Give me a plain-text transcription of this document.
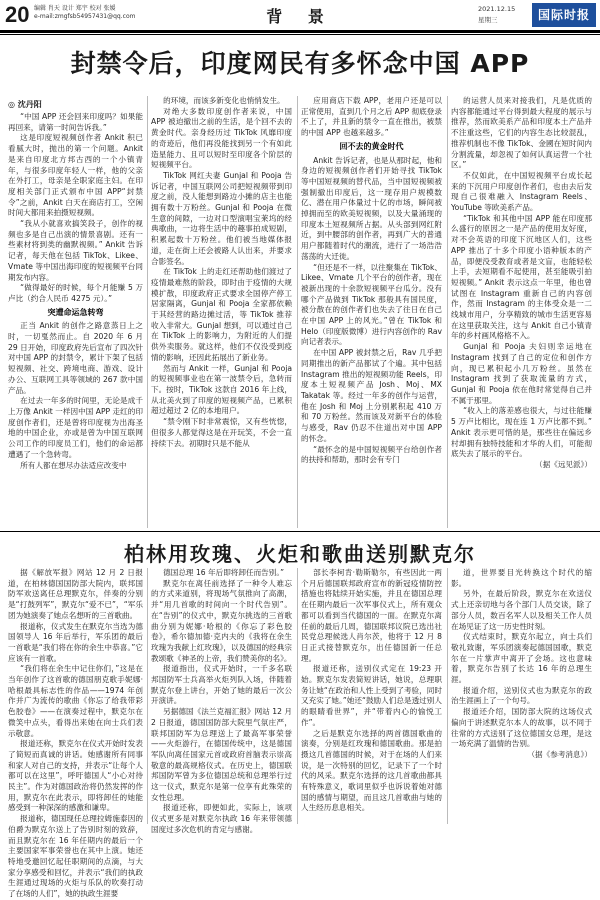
20 编辑 肖天 设计 郑宇 校对 张媛
e-mail:zmgfsb54957431@qq.com	背 景	2021.12.15
星期三	国际时报
封禁令后，印度网民有多怀念中国 APP
◎ 沈丹阳

“中国 APP 还会回来印度吗？如果能再回来，请第一时间告诉我。”

这是印度短视频创作者 Ankit 积已看腻大时，抛出的第一个问题。Ankit 是来自印度北方邦古西的一个小镇青年，与很多印度年轻人一样，他的父亲在外打工，母亲是全职家庭主妇。在印度相关部门正式颁布中国 APP“封禁令”之前，Ankit 白天在商店打工，空闲时间大都用来拍摄短视频。

“我从小就喜欢搞笑段子，创作的视频也多是自己出演的情景喜剧。还有一些素材将到类的幽默视频。” Ankit 告诉记者，每天他在包括 TikTok、Likee、Vmate 等中国出海印度的短视频平台同期发布内容。

“做得最好的时候，每个月能赚 5 万卢比（约合人民币 4275 元）。”

突遭命运急转弯

正当 Ankit 的创作之路意蒸日上之时，一切戛然而止。自 2020 年 6 月 29 日开始，印度政府先后宣布了四次针对中国 APP 的封禁令，累计下架了包括短视频、社交、跨境电商、游戏、设计办公、互联网工具等领域的 267 款中国产品。

在过去一年多的时间里，无论是成千上万像 Ankit 一样因中国 APP 走红的印度创作者们，还是曾将印度视为出海圣地的中国企业，亦或是曾为中国互联网公司工作的印度员工们，他们的命运都遭遇了一个急转弯。

所有人都在想尽办法适应改变中

的环境，而该多新变化也悄悄发生。

对绝大多数印度创作者来说，中国 APP 被迫撤出之前的生活，是个回不去的黄金时代。亲身经历过 TikTok 风靡印度的奇迹后，他们再没能找到另一个有如此造星能力、且可以短时至印度各个阶层的短视频平台。

TikTok 网红夫妻 Gunjal 和 Pooja 告诉记者，中国互联网公司把短视频带到印度之前，没人能想到路边小摊的店主也能拥有数十万粉丝。Gunjal 和 Pooja 在微生意的间隙，一边对口型演唱宝莱坞的经典歌曲，一边将生活中的趣事拍成短剧，积累起数十万粉丝。他们被当地媒体报道，走在街上还会被路人认出来，并要求合影签名。

在 TikTok 上的走红还帮助他们渡过了疫情最难熬的阶段，即时由于疫情的大规模扩散，印度政府正式要求全国停产停工居家隔离，Gunjal 和 Pooja 全家都依赖于其经营的路边摊过活，等 TikTok 推荐收入非常大。Gunjal 想到，可以通过自己在 TikTok 上的影响力，为附近的人们提供外卖服务。就这样，他们不仅没受到疫情的影响，还因此拓展出了新业务。

然而与 Ankit 一样，Gunjal 和 Pooja 的短视频事业也在第一波禁令后，急转而下。按时，TikTok 这款自 2016 年上线，从北美火到了印度的短视频产品，已累积超过超过 2 亿的本地用户。

“禁令刚下时非常震惊，又有些恍惚，但很多人都觉得这是在开玩笑，不会一直持续下去。初期时只是不能从

应用商店下载 APP，老用户还是可以正常使用，直到几个月之后 APP 彻底登录不上了，并且新的禁令一直在推出，被禁的中国 APP 也越来越多。”

回不去的黄金时代

Ankit 告诉记者，也是从那时起，他和身边的短视频创作者们开始寻找 TikTok 等中国短视频的替代品，当中国短视频被强制撤出印度后，这一现存用户规模数亿、潜在用户体量过十亿的市场，瞬间被掉拥而至的欧美短视频，以及大量涌现的印度本土短视频所占据。从头部到网红附近，到中腰部的创作者，再到广大的普通用户都随着时代的潮流，进行了一场浩浩荡荡的大迁徙。

“但还是不一样，以往聚集在 TikTok、Likee、Vmate 几个平台的创作者，现在被新出现的十余款短视频平台瓜分。没有哪个产品做到 TikTok 那般具有国民度，被分散在的创作者们也失去了往日在自己在中国 APP 上的风光。”曾在 TikTok 和 Helo（印度版微博）进行内容创作的 Rav 向记者表示。

在中国 APP 被封禁之后，Rav 几乎把同期推出的新产品都试了个遍。其中包括 Instagram 推出的短视频功能 Reels，印度本土短视频产品 Josh、Moj、MX Takatak 等。经过一年多的创作与运营，他在 Josh 和 Moj 上分别累积起 410 万和 70 万粉丝。然而该及对新平台的体验与感受，Rav 仍忍不住道出对中国 APP 的怀念。

“最怀念的是中国短视频平台给创作者的扶持和帮助，那时会有专门

的运营人员来对接我们，凡是优质的内容都能通过平台得到最大程度的展示与推荐，然而欧美系产品和印度本土产品并不注重这些，它们的内容生态比较混乱，推荐机制也不像 TikTok、金國在短时间内分割流量，却忽视了如何认真运营一个社区。”

不仅如此，在中国短视频平台成长起来的下沉用户印度创作者们，也由去后发现自己很难融入 Instagram Reels、YouTube 等欧美系产品。

“TikTok 和其他中国 APP 能在印度那么盛行的原因之一是产品的使用友好度，对不会英语的印度下沉地区人们，这些 APP 推出了十多个印度小语种版本的产品，即便没受教育或者是文盲，也能轻松上手，去短期看不起使用，甚至能吸引拍短视频。” Ankit 表示这点一年里，他也曾试图在 Instagram 重新自己的内容创作，然而 Instagram 的主体受众是一二线城市用户，分享精致的城市生活更容易在这里获取关注，这与 Ankit 自己小镇青年的乡村画风格格不入。

Gunjal 和 Pooja 夫妇则幸运地在 Instagram 找到了自己的定位和创作方向，现已累积起小几万粉丝。虽然在 Instagram 找到了获取流量的方式，Gunjal 和 Pooja 依在他时常觉得自己并不属于那里。

“收入上的落差感也很大，与过往能赚 5 万卢比相比，现在连 1 万卢比都不到。” Ankit 表示更可惜的是，那些往在偏远乡村却拥有独特技能和才华的人们，可能彻底失去了展示的平台。

（据《远见派》）
柏林用玫瑰、火炬和歌曲送别默克尔

据《解放军报》网站 12 月 2 日报道，在柏林德国国防部大院内，联邦国防军欢送离任总理默克尔，伴奏的分别是“打鼓列军”，默克尔“爱不已”，“军乐团为她演奏了她点名想听的三首歌曲。

报道称，仪式发生在默克尔当选为德国领导人 16 年后举行，军乐团的最后一首歌是“我们将在你的余生中恭喜。”它应该有一首歌。

“我们将在余生中记住你们，”这是在当年创作了这首歌的德国朋克歌手妮娜·哈根最具标志性的作品——1974 年创作并广为流传的歌曲《你忘了给我带彩色胶卷》——在演奏过程中，默克尔在微笑中点头，看得出来她在向士兵们表示敬意。

报道还称，默克尔在仪式开始时发表了简短而真诚的讲话。她感谢所有同事和家人对自己的支持，并表示“让每个人都可以在这里”，呼吁德国人“小心对待民主”。作为对德国政治将仍然发挥的作用，默克尔在此表示，即将卸任的她能感受到一种深深的感激和谦卑。

报道称，德国现任总理拉姆施泰因的伯爵为默克尔送上了告别时刻的致辞，而且默克尔在 16 年任期内的最后一个主要国家军事荣誉也在其中上演。她还特地受邀回忆起任职期间的点滴，与大家分享感受和回忆，并表示“我们的执政生涯通过现场的火炬与乐队的吹奏打动了在场的人们”，她的执政生涯要

德国总理 16 年后即将卸任而告别。”

默克尔在离任前选择了一种令人难忘的方式来道别，将现场气氛推向了高潮，并“用几首歌的时间向一个时代告别”。在“告别”的仪式中，默克尔挑选的三首歌曲分别为妮娜·哈根的《你忘了彩色胶卷》，希尔德加德·克内夫的《我将在余生玫瑰为我献上红玫瑰》，以及德国的经典宗教颂歌《神圣的上帝，我们赞美你的名》。

报道指出，仪式开始时，一千多名联邦国防军士兵高举火炬列队入场，伴随着默克尔登上讲台，开始了她的最后一次公开演讲。

另据德国《法兰克福汇报》网站 12 月 2 日报道，德国国防部大院里气氛庄严，联邦国防军为总理送上了最高军事荣誉——火炬游行，在德国传统中，这是德国军队向离任国家元首或政府首脑表示崇高敬意的最高规格仪式。在历史上，德国联邦国防军曾为多位德国总统和总理举行过这一仪式，默克尔是第一位享有此殊荣的女性总理。

报道还称，即便如此，实际上，该项仪式更多是对默克尔执政 16 年来带领德国度过多次危机的肯定与感谢。

部长李柯肯·勒斯勒尔，有些因此一两个月后德国联邦政府宣布的新冠疫情防控措施也将陆续开始实施，并且在德国总理在任期内最后一次军事仪式上，所有观众都可以看到当代德国的一面。在默克尔离任前的最后几周，德国联邦议院已选出社民党总理候选人肖尔茨，他将于 12 月 8 日正式接替默克尔，出任德国新一任总理。

报道还称，送别仪式定在 19:23 开始。默克尔发表简短讲话，她说，总理职务让她“在政治和人性上受到了考验，同时又充实了她。”她还“鼓励人们总是透过别人的眼睛看世界”，并“带着内心的愉悦工作”。

之后是默克尔选择的两首德国歌曲的演奏，分别是红玫瑰和德国歌曲。那是拍摄这几首德国的时候，对于在场的人们来说，是一次特别的回忆，记录下了一个时代的风采。默克尔选择的这几首歌曲都具有特殊意义，歌词里似乎也诉说着她对德国的感情与期望，而且这几首歌曲与她的人生经历息息相关。

道，世界要目光转换这个时代的缩影。

另外，在最后阶段，默克尔在欢送仪式上还亲切地与各个部门人员交谈，除了部分人员，数百名军人以及相关工作人员在场见证了这一历史性时刻。

仪式结束时，默克尔起立，向士兵们敬礼致谢，军乐团演奏起德国国歌，默克尔在一片掌声中离开了会场。这也意味着，默克尔告别了长达 16 年的总理生涯。

报道介绍，送别仪式也为默克尔的政治生涯画上了一个句号。

报道还介绍，国防部大院的这场仪式偏向于讲述默克尔本人的故事，以不同于往常的方式送别了这位德国女总理，是这一场充满了温情的告别。

（据《参考消息》）
